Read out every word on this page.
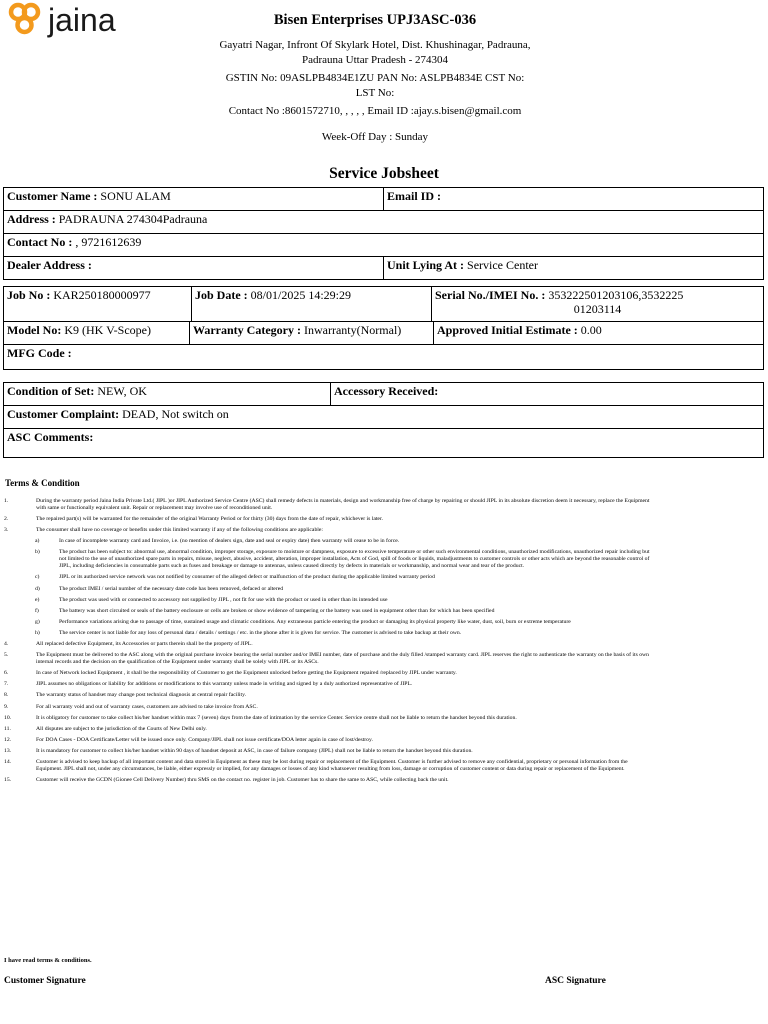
jaina	Bisen Enterprises UPJ3ASC-036
Gayatri Nagar, Infront Of Skylark Hotel, Dist. Khushinagar, Padrauna,
Padrauna Uttar Pradesh - 274304
GSTIN No: 09ASLPB4834E1ZU PAN No: ASLPB4834E CST No:
LST No:
Contact No :8601572710, , , , , Email ID :ajay.s.bisen@gmail.com
Week-Off Day : Sunday
Service Jobsheet
Customer Name : SONU ALAM	Email ID :
Address : PADRAUNA 274304Padrauna	
Contact No : , 9721612639	
Dealer Address :	Unit Lying At : Service Center
Job No : KAR250180000977	Job Date : 08/01/2025 14:29:29	Serial No./IMEI No. : 353222501203106,3532225
01203114
Model No: K9 (HK V-Scope)	Warranty Category : Inwarranty(Normal)	Approved Initial Estimate : 0.00
MFG Code :
Condition of Set: NEW, OK	Accessory Received:
Customer Complaint: DEAD, Not switch on
ASC Comments:
Terms & Condition
1.	During the warranty period Jaina India Private Ltd.( JIPL )or JIPL Authorized Service Centre (ASC) shall remedy defects in materials, design and workmanship free of charge by repairing or should JIPL in its absolute discretion deem it necessary, replace the Equipment with same or functionally equivalent unit. Repair or replacement may involve use of reconditioned unit.
2.	The repaired part(s) will be warranted for the remainder of the original Warranty Period or for thirty (30) days from the date of repair, whichever is later.
3.	The consumer shall have no coverage or benefits under this limited warranty if any of the following conditions are applicable:
a)	In case of incomplete warranty card and Invoice, i.e. (no mention of dealers sign, date and seal or expiry date) then warranty will cease to be in force.
b)	The product has been subject to: abnormal use, abnormal condition, improper storage, exposure to moisture or dampness, exposure to excessive temperature or other such environmental conditions, unauthorized modifications, unauthorized repair including but not limited to the use of unauthorized spare parts in repairs, misuse, neglect, abusive, accident, alteration, improper installation, Acts of God, spill of foods or liquids, maladjustments to customer controls or other acts which are beyond the reasonable control of JIPL, including deficiencies in consumable parts such as fuses and breakage or damage to antennas, unless caused directly by defects in materials or workmanship, and normal wear and tear of the product.
c)	JIPL or its authorized service network was not notified by consumer of the alleged defect or malfunction of the product during the applicable limited warranty period
d)	The product IMEI / serial number of the necessary date code has been removed, defaced or altered
e)	The product was used with or connected to accessory not supplied by JIPL , not fit for use with the product or used in other than its intended use
f)	The battery was short circuited or seals of the battery enclosure or cells are broken or show evidence of tampering or the battery was used in equipment other than for which has been specified
g)	Performance variations arising due to passage of time, sustained usage and climatic conditions. Any extraneous particle entering the product or damaging its physical property like water, dust, soil, burn or extreme temperature
h)	The service center is not liable for any loss of personal data / details / settings / etc. in the phone after it is given for service. The customer is advised to take backup at their own.
4.	All replaced defective Equipment, its Accessories or parts therein shall be the property of JIPL.
5.	The Equipment must be delivered to the ASC along with the original purchase invoice bearing the serial number and/or IMEI number, date of purchase and the duly filled /stamped warranty card. JIPL reserves the right to authenticate the warranty on the basis of its own internal records and the decision on the qualification of the Equipment under warranty shall be solely with JIPL or its ASCs.
6.	In case of Network locked Equipment , it shall be the responsibility of Customer to get the Equipment unlocked before getting the Equipment repaired /replaced by JIPL under warranty.
7.	JIPL assumes no obligations or liability for additions or modifications to this warranty unless made in writing and signed by a duly authorized representative of JIPL.
8.	The warranty status of handset may change post technical diagnosis at central repair facility.
9.	For all warranty void and out of warranty cases, customers are advised to take invoice from ASC.
10.	It is obligatory for customer to take collect his/her handset within max 7 (seven) days from the date of intimation by the service Center. Service centre shall not be liable to return the handset beyond this duration.
11.	All disputes are subject to the jurisdiction of the Courts of New Delhi only.
12.	For DOA Cases - DOA Certificate/Letter will be issued once only. Company/JIPL shall not issue certificate/DOA letter again in case of lost/destroy.
13.	It is mandatory for customer to collect his/her handset within 90 days of handset deposit at ASC, in case of failure company (JIPL) shall not be liable to return the handset beyond this duration.
14.	Customer is advised to keep backup of all important content and data stored in Equipment as these may be lost during repair or replacement of the Equipment. Customer is further advised to remove any confidential, proprietary or personal information from the Equipment. JIPL shall not, under any circumstances, be liable, either expressly or implied, for any damages or losses of any kind whatsoever resulting from loss, damage or corruption of customer content or data during repair or replacement of the Equipment.
15.	Customer will receive the GCDN (Gionee Cell Delivery Number) thru SMS on the contact no. register in job. Customer has to share the same to ASC, while collecting back the unit.
I have read terms & conditions.
Customer Signature	ASC Signature
